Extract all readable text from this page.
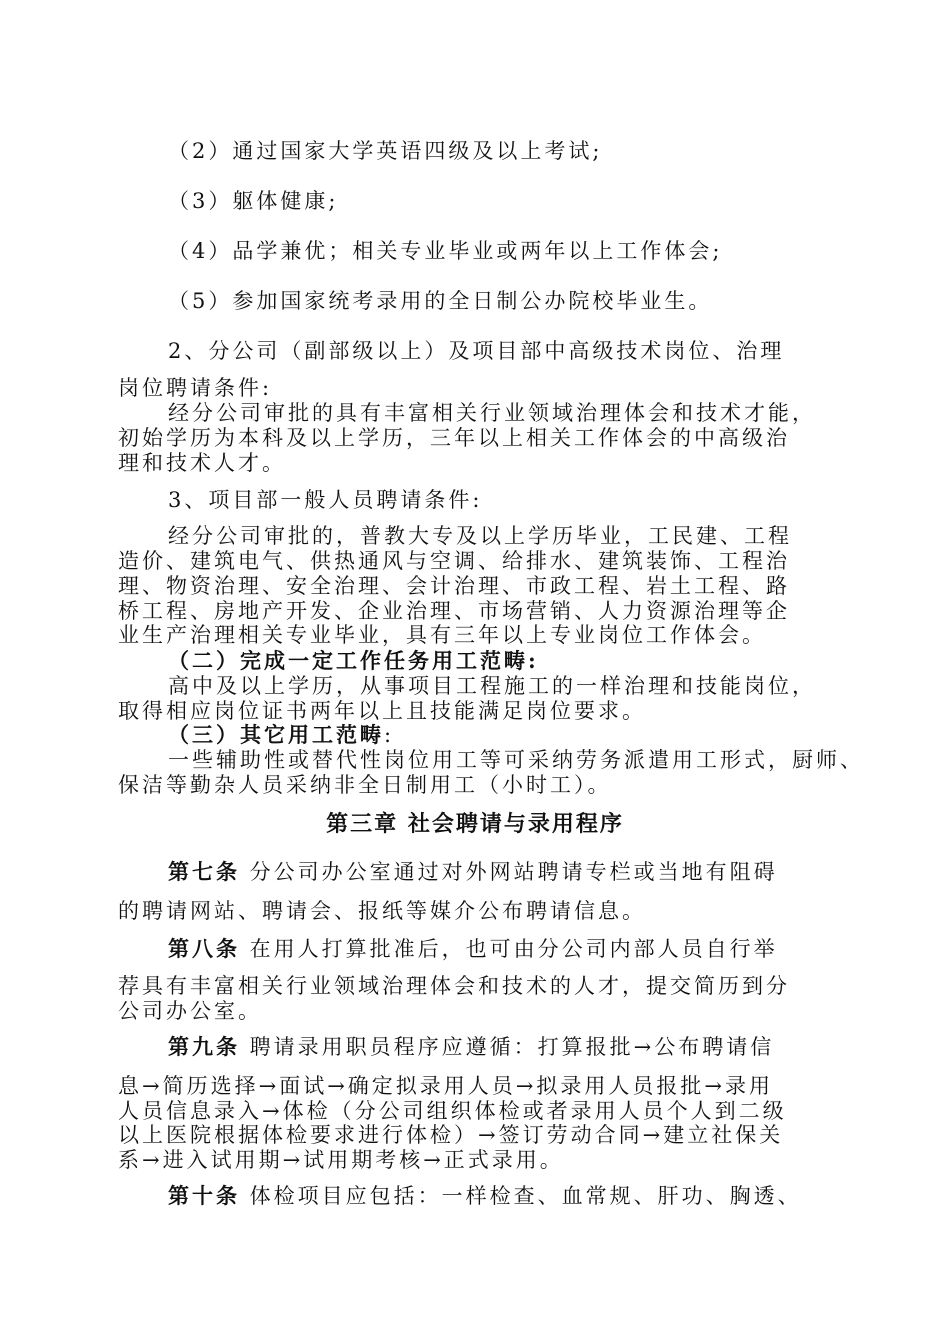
（2）通过国家大学英语四级及以上考试;
（3）躯体健康;
（4）品学兼优；相关专业毕业或两年以上工作体会;
（5）参加国家统考录用的全日制公办院校毕业生。
2、分公司（副部级以上）及项目部中高级技术岗位、治理
岗位聘请条件:
经分公司审批的具有丰富相关行业领域治理体会和技术才能，
初始学历为本科及以上学历，三年以上相关工作体会的中高级治
理和技术人才。
3、项目部一般人员聘请条件:
经分公司审批的，普教大专及以上学历毕业，工民建、工程
造价、建筑电气、供热通风与空调、给排水、建筑装饰、工程治
理、物资治理、安全治理、会计治理、市政工程、岩土工程、路
桥工程、房地产开发、企业治理、市场营销、人力资源治理等企
业生产治理相关专业毕业，具有三年以上专业岗位工作体会。
（二）完成一定工作任务用工范畴:
高中及以上学历，从事项目工程施工的一样治理和技能岗位，
取得相应岗位证书两年以上且技能满足岗位要求。
（三）其它用工范畴:
一些辅助性或替代性岗位用工等可采纳劳务派遣用工形式，厨师、
保洁等勤杂人员采纳非全日制用工（小时工）。
第三章 社会聘请与录用程序
第七条 分公司办公室通过对外网站聘请专栏或当地有阻碍
的聘请网站、聘请会、报纸等媒介公布聘请信息。
第八条 在用人打算批准后，也可由分公司内部人员自行举
荐具有丰富相关行业领域治理体会和技术的人才，提交简历到分
公司办公室。
第九条 聘请录用职员程序应遵循：打算报批→公布聘请信
息→简历选择→面试→确定拟录用人员→拟录用人员报批→录用
人员信息录入→体检（分公司组织体检或者录用人员个人到二级
以上医院根据体检要求进行体检）→签订劳动合同→建立社保关
系→进入试用期→试用期考核→正式录用。
第十条 体检项目应包括：一样检查、血常规、肝功、胸透、
